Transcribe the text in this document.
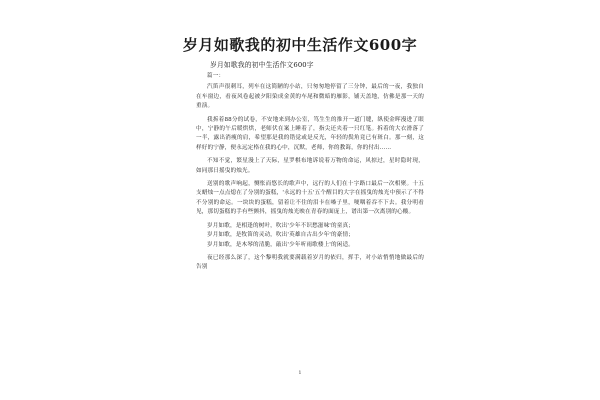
岁月如歌我的初中生活作文600字

岁月如歌我的初中生活作文600字

篇一：

汽笛声很刺耳，列车在这简陋的小站，只匆匆地停留了三分钟，最后的一夜，我独自在车窗边，看夜风卷起被夕阳染成金黄的车尾和微暗的雁影，铺天盖地，仿佛是那一天的重演。

我拆着88分的试卷，不安地来到办公室，笃生生的推开一道门缝，纵使金晖漫进了眼中，宁静的午后暖烘烘，老师伏在案上睡着了，指尖还夹着一只红笔。拆着的大衣滑落了一半，露出消瘦的肩，希望那是我的错觉或是反光，年轻的鬓角竟已有斑白。那一刻，这样好的宁静，便永远定格在我的心中，沉默，老师，你的教诲，你的付出……

不知不觉，繁星漫上了天际，星罗棋布地诉说着万物的命运，风掠过，星时隐时现，如同那日摇曳的烛光。

送别的歌声响起，恻怅而悠长的歌声中，远行的人们在十字路口最后一次相聚。十五支蜡烛一点点熄在了分别的蛋糕，'永远的十五'五个醒目的大字在摇曳的烛光中预示了不得不分别的命运。一块块的蛋糕，留着让不住的泪卡在嗓子里，哽咽着吞不下去。我分明看见，那切蛋糕的手有些颤抖，摇曳的烛光映在青春的面庞上，谱出第一次离别的心酸。

岁月如歌，是相逢的树叶，吹出'少年不识愁滋味'的童真；

岁月如歌，是牧笛的灵动，吹出'英雄自古出少年'的豪情；

岁月如歌，是木琴的清脆，敲出'少年听雨歌楼上'的闲适。

夜已经那么深了，这个黎明我就要满载着岁月的依归，挥手，对小站悄悄地做最后的告别

1
